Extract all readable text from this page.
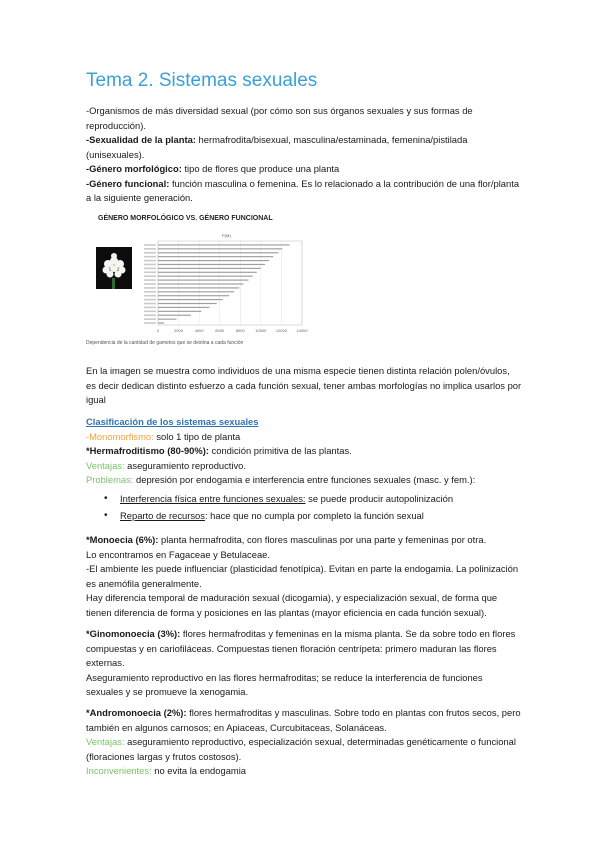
Tema 2. Sistemas sexuales
-Organismos de más diversidad sexual (por cómo son sus órganos sexuales y sus formas de reproducción).
-Sexualidad de la planta: hermafrodita/bisexual, masculina/estaminada, femenina/pistilada (unisexuales).
-Género morfológico: tipo de flores que produce una planta
-Género funcional: función masculina o femenina. Es lo relacionado a la contribución de una flor/planta a la siguiente generación.
GÉNERO MORFOLÓGICO VS. GÉNERO FUNCIONAL
P(M)
0	2000	4000	6000	8000	10000 12000 14000
Dependencia de la cantidad de gametos que se destina a cada función
En la imagen se muestra como individuos de una misma especie tienen distinta relación polen/óvulos, es decir dedican distinto esfuerzo a cada función sexual, tener ambas morfologías no implica usarlos por igual
Clasificación de los sistemas sexuales
-Monomorfismo: solo 1 tipo de planta
*Hermafroditismo (80-90%): condición primitiva de las plantas.
Ventajas: aseguramiento reproductivo.
Problemas: depresión por endogamia e interferencia entre funciones sexuales (masc. y fem.):
• Interferencia física entre funciones sexuales: se puede producir autopolinización
• Reparto de recursos: hace que no cumpla por completo la función sexual
*Monoecia (6%): planta hermafrodita, con flores masculinas por una parte y femeninas por otra.
Lo encontramos en Fagaceae y Betulaceae.
-El ambiente les puede influenciar (plasticidad fenotípica). Evitan en parte la endogamia. La polinización es anemófila generalmente.
Hay diferencia temporal de maduración sexual (dicogamia), y especialización sexual, de forma que tienen diferencia de forma y posiciones en las plantas (mayor eficiencia en cada función sexual).
*Ginomonoecia (3%): flores hermafroditas y femeninas en la misma planta. Se da sobre todo en flores compuestas y en cariofiláceas. Compuestas tienen floración centrípeta: primero maduran las flores externas.
Aseguramiento reproductivo en las flores hermafroditas; se reduce la interferencia de funciones sexuales y se promueve la xenogamia.
*Andromonoecia (2%): flores hermafroditas y masculinas. Sobre todo en plantas con frutos secos, pero también en algunos carnosos; en Apiaceas, Curcubitaceas, Solanáceas.
Ventajas: aseguramiento reproductivo, especialización sexual, determinadas genéticamente o funcional (floraciones largas y frutos costosos).
Inconvenientes: no evita la endogamia
